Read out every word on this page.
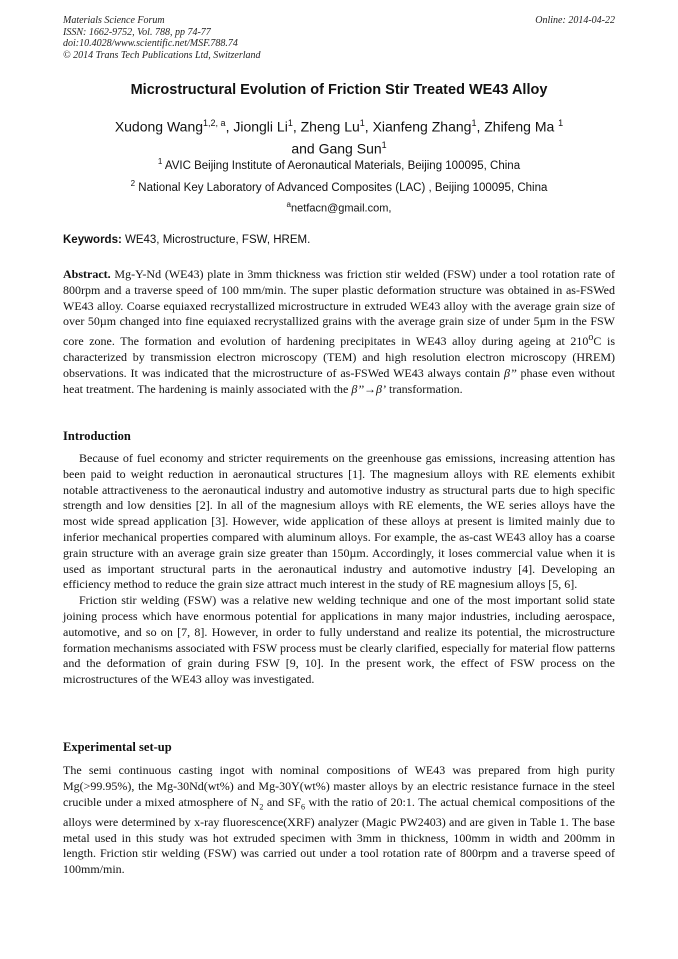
Materials Science Forum	Online: 2014-04-22
ISSN: 1662-9752, Vol. 788, pp 74-77
doi:10.4028/www.scientific.net/MSF.788.74
© 2014 Trans Tech Publications Ltd, Switzerland
Microstructural Evolution of Friction Stir Treated WE43 Alloy
Xudong Wang$^{1,2, a}$, Jiongli Li$^1$, Zheng Lu$^1$, Xianfeng Zhang$^1$, Zhifeng Ma $^1$
and Gang Sun$^1$
$^1$ AVIC Beijing Institute of Aeronautical Materials, Beijing 100095, China
$^2$ National Key Laboratory of Advanced Composites (LAC) , Beijing 100095, China
$^a$netfacn@gmail.com,
Keywords: WE43, Microstructure, FSW, HREM.

Abstract. Mg-Y-Nd (WE43) plate in 3mm thickness was friction stir welded (FSW) under a tool rotation rate of 800rpm and a traverse speed of 100 mm/min. The super plastic deformation structure was obtained in as-FSWed WE43 alloy. Coarse equiaxed recrystallized microstructure in extruded WE43 alloy with the average grain size of over 50µm changed into fine equiaxed recrystallized grains with the average grain size of under 5µm in the FSW core zone. The formation and evolution of hardening precipitates in WE43 alloy during ageing at 210$^o$C is characterized by transmission electron microscopy (TEM) and high resolution electron microscopy (HREM) observations. It was indicated that the microstructure of as-FSWed WE43 always contain β’’ phase even without heat treatment. The hardening is mainly associated with the β’’→β’ transformation.

Introduction

Because of fuel economy and stricter requirements on the greenhouse gas emissions, increasing attention has been paid to weight reduction in aeronautical structures [1]. The magnesium alloys with RE elements exhibit notable attractiveness to the aeronautical industry and automotive industry as structural parts due to high specific strength and low densities [2]. In all of the magnesium alloys with RE elements, the WE series alloys have the most wide spread application [3]. However, wide application of these alloys at present is limited mainly due to inferior mechanical properties compared with aluminum alloys. For example, the as-cast WE43 alloy has a coarse grain structure with an average grain size greater than 150µm. Accordingly, it loses commercial value when it is used as important structural parts in the aeronautical industry and automotive industry [4]. Developing an efficiency method to reduce the grain size attract much interest in the study of RE magnesium alloys [5, 6].

Friction stir welding (FSW) was a relative new welding technique and one of the most important solid state joining process which have enormous potential for applications in many major industries, including aerospace, automotive, and so on [7, 8]. However, in order to fully understand and realize its potential, the microstructure formation mechanisms associated with FSW process must be clearly clarified, especially for material flow patterns and the deformation of grain during FSW [9, 10]. In the present work, the effect of FSW process on the microstructures of the WE43 alloy was investigated.

Experimental set-up

The semi continuous casting ingot with nominal compositions of WE43 was prepared from high purity Mg(>99.95%), the Mg-30Nd(wt%) and Mg-30Y(wt%) master alloys by an electric resistance furnace in the steel crucible under a mixed atmosphere of $N_2$ and $SF_6$ with the ratio of 20:1. The actual chemical compositions of the alloys were determined by x-ray fluorescence(XRF) analyzer (Magic PW2403) and are given in Table 1. The base metal used in this study was hot extruded specimen with 3mm in thickness, 100mm in width and 200mm in length. Friction stir welding (FSW) was carried out under a tool rotation rate of 800rpm and a traverse speed of 100mm/min.
